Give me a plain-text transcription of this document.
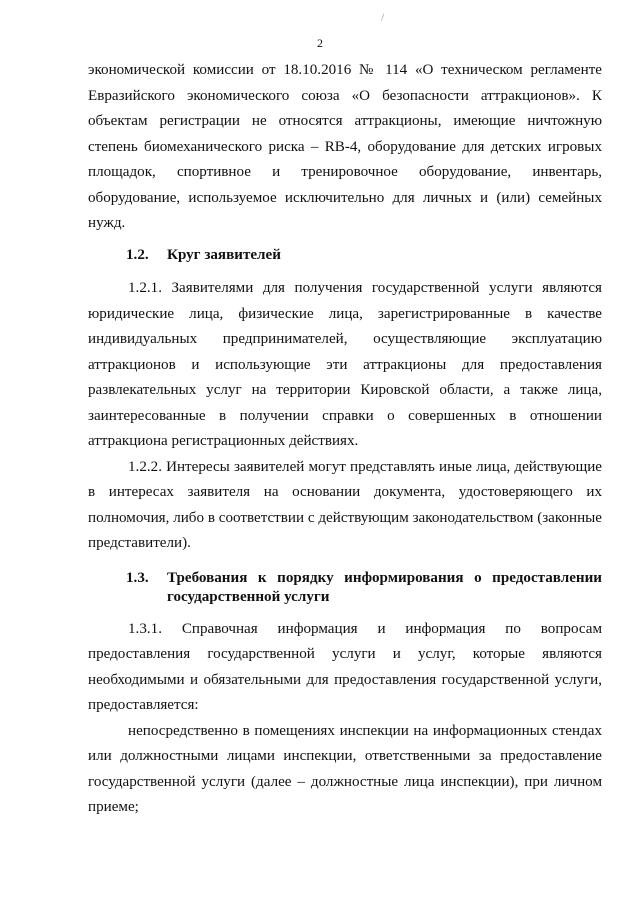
/
2

экономической комиссии от 18.10.2016 № 114 «О техническом регламенте Евразийского экономического союза «О безопасности аттракционов». К объектам регистрации не относятся аттракционы, имеющие ничтожную степень биомеханического риска – RB-4, оборудование для детских игровых площадок, спортивное и тренировочное оборудование, инвентарь, оборудование, используемое исключительно для личных и (или) семейных нужд.

1.2.	Круг заявителей

1.2.1. Заявителями для получения государственной услуги являются юридические лица, физические лица, зарегистрированные в качестве индивидуальных предпринимателей, осуществляющие эксплуатацию аттракционов и использующие эти аттракционы для предоставления развлекательных услуг на территории Кировской области, а также лица, заинтересованные в получении справки о совершенных в отношении аттракциона регистрационных действиях.

1.2.2. Интересы заявителей могут представлять иные лица, действующие в интересах заявителя на основании документа, удостоверяющего их полномочия, либо в соответствии с действующим законодательством (законные представители).

1.3.	Требования к порядку информирования о предоставлении государственной услуги

1.3.1. Справочная информация и информация по вопросам предоставления государственной услуги и услуг, которые являются необходимыми и обязательными для предоставления государственной услуги, предоставляется:

непосредственно в помещениях инспекции на информационных стендах или должностными лицами инспекции, ответственными за предоставление государственной услуги (далее – должностные лица инспекции), при личном приеме;
